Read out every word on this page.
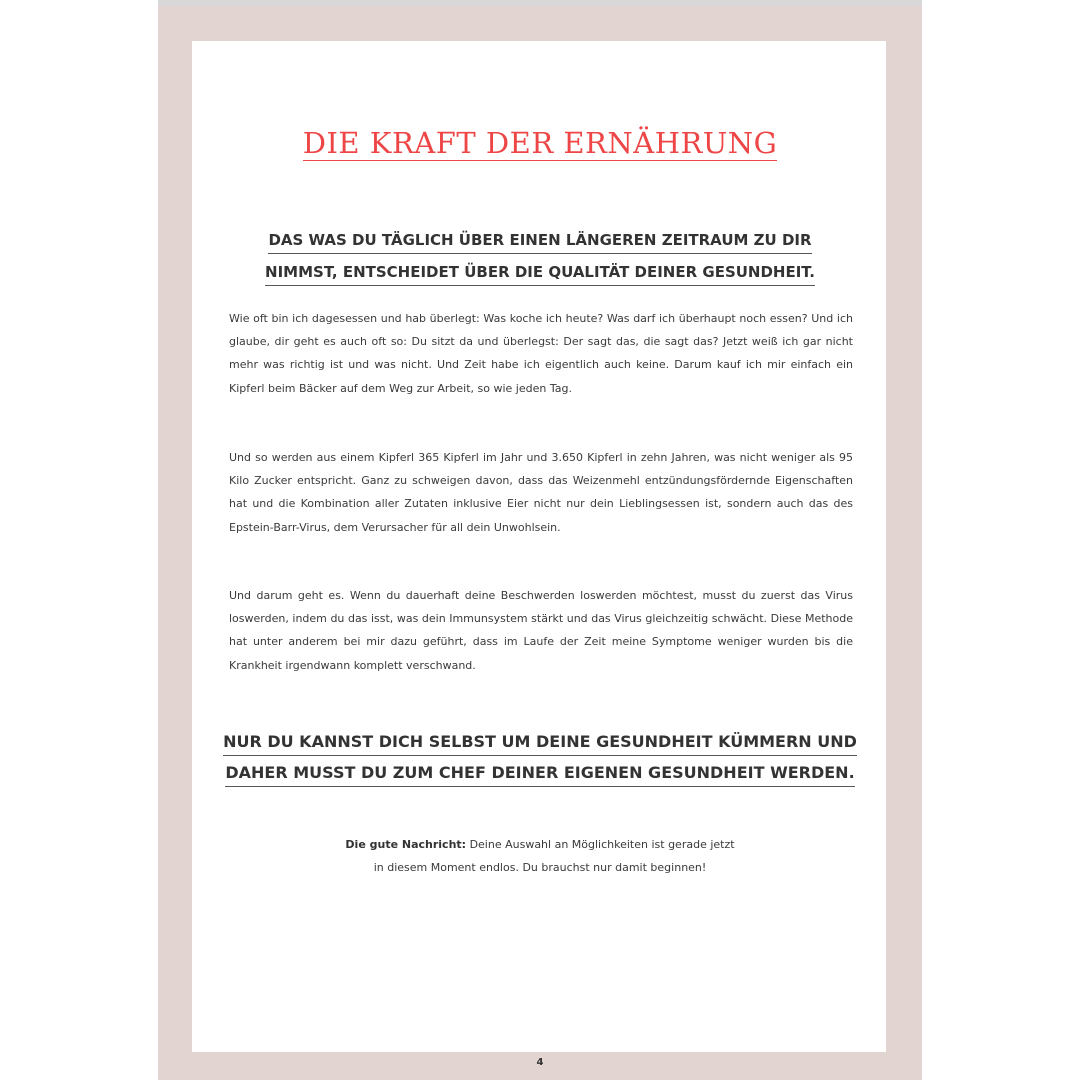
DIE KRAFT DER ERNÄHRUNG
DAS WAS DU TÄGLICH ÜBER EINEN LÄNGEREN ZEITRAUM ZU DIR
NIMMST, ENTSCHEIDET ÜBER DIE QUALITÄT DEINER GESUNDHEIT.

Wie oft bin ich dagesessen und hab überlegt: Was koche ich heute? Was darf ich überhaupt noch essen? Und ich glaube, dir geht es auch oft so: Du sitzt da und überlegst: Der sagt das, die sagt das? Jetzt weiß ich gar nicht mehr was richtig ist und was nicht. Und Zeit habe ich eigentlich auch keine. Darum kauf ich mir einfach ein Kipferl beim Bäcker auf dem Weg zur Arbeit, so wie jeden Tag.

Und so werden aus einem Kipferl 365 Kipferl im Jahr und 3.650 Kipferl in zehn Jahren, was nicht weniger als 95 Kilo Zucker entspricht. Ganz zu schweigen davon, dass das Weizenmehl entzündungsfördernde Eigenschaften hat und die Kombination aller Zutaten inklusive Eier nicht nur dein Lieblingsessen ist, sondern auch das des Epstein-Barr-Virus, dem Verursacher für all dein Unwohlsein.

Und darum geht es. Wenn du dauerhaft deine Beschwerden loswerden möchtest, musst du zuerst das Virus loswerden, indem du das isst, was dein Immunsystem stärkt und das Virus gleichzeitig schwächt. Diese Methode hat unter anderem bei mir dazu geführt, dass im Laufe der Zeit meine Symptome weniger wurden bis die Krankheit irgendwann komplett verschwand.

NUR DU KANNST DICH SELBST UM DEINE GESUNDHEIT KÜMMERN UND
DAHER MUSST DU ZUM CHEF DEINER EIGENEN GESUNDHEIT WERDEN.

Die gute Nachricht: Deine Auswahl an Möglichkeiten ist gerade jetzt
in diesem Moment endlos. Du brauchst nur damit beginnen!

4
